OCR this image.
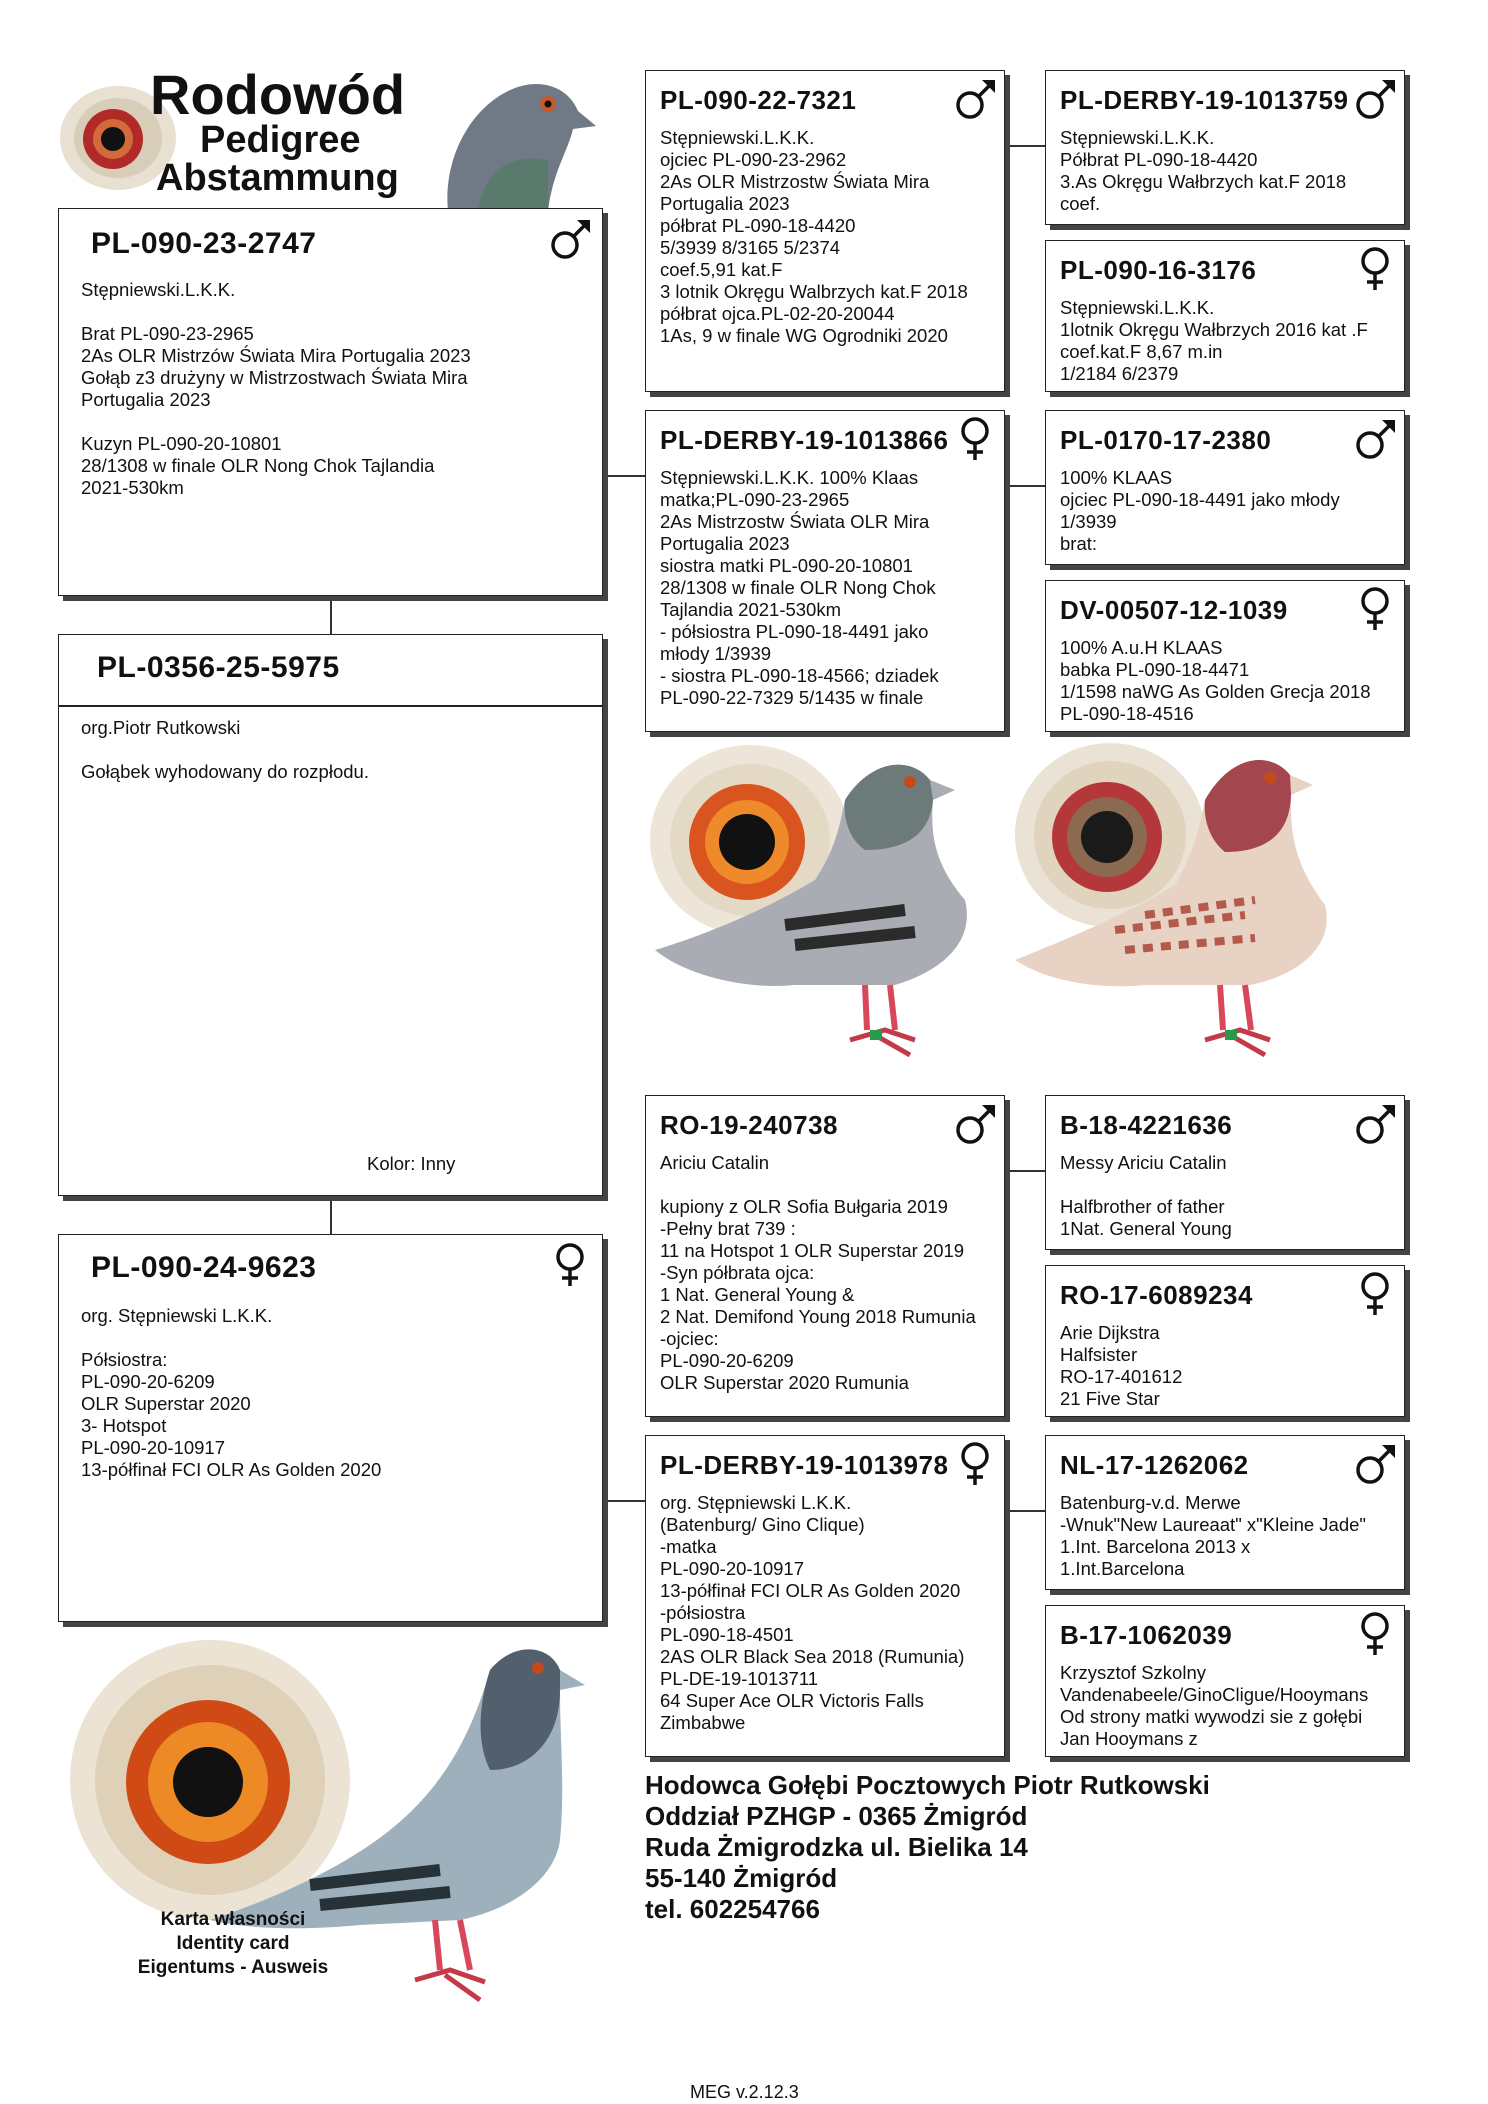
Rodowód
Pedigree
Abstammung
PL-090-23-2747
Stępniewski.L.K.K.

Brat PL-090-23-2965
2As OLR Mistrzów Świata Mira Portugalia 2023
Gołąb z3 drużyny w Mistrzostwach Świata Mira
Portugalia 2023

Kuzyn PL-090-20-10801
28/1308 w finale OLR Nong Chok Tajlandia
2021-530km
PL-0356-25-5975
org.Piotr Rutkowski

Gołąbek wyhodowany do rozpłodu.
Kolor: Inny
PL-090-24-9623
org. Stępniewski L.K.K.

Półsiostra:
PL-090-20-6209
OLR Superstar 2020
3- Hotspot
PL-090-20-10917
13-półfinał FCI OLR As Golden 2020
PL-090-22-7321
Stępniewski.L.K.K.
ojciec PL-090-23-2962
2As OLR Mistrzostw Świata Mira
Portugalia 2023
półbrat PL-090-18-4420
5/3939 8/3165 5/2374
coef.5,91 kat.F
3 lotnik Okręgu Walbrzych kat.F 2018
półbrat ojca.PL-02-20-20044
1As, 9 w finale WG Ogrodniki 2020
PL-DERBY-19-1013866
Stępniewski.L.K.K. 100% Klaas
matka;PL-090-23-2965
2As Mistrzostw Świata OLR Mira
Portugalia 2023
siostra matki PL-090-20-10801
28/1308 w finale OLR Nong Chok
Tajlandia 2021-530km
- półsiostra PL-090-18-4491 jako
młody 1/3939
- siostra PL-090-18-4566; dziadek
PL-090-22-7329 5/1435 w finale
RO-19-240738
Ariciu Catalin

kupiony z OLR Sofia Bułgaria 2019
-Pełny brat 739 :
11 na Hotspot 1 OLR Superstar 2019
-Syn półbrata ojca:
1 Nat. General Young &
2 Nat. Demifond Young 2018 Rumunia
-ojciec:
PL-090-20-6209
OLR Superstar 2020 Rumunia
PL-DERBY-19-1013978
org. Stępniewski L.K.K.
(Batenburg/ Gino Clique)
-matka
PL-090-20-10917
13-półfinał FCI OLR As Golden 2020
-półsiostra
PL-090-18-4501
2AS OLR Black Sea 2018 (Rumunia)
PL-DE-19-1013711
64 Super Ace OLR Victoris Falls
Zimbabwe
PL-DERBY-19-1013759
Stępniewski.L.K.K.
Półbrat PL-090-18-4420
3.As Okręgu Wałbrzych kat.F 2018
coef.
PL-090-16-3176
Stępniewski.L.K.K.
1lotnik Okręgu Wałbrzych 2016 kat .F
coef.kat.F 8,67 m.in
1/2184 6/2379
PL-0170-17-2380
100% KLAAS
ojciec PL-090-18-4491 jako młody
1/3939
brat:
DV-00507-12-1039
100% A.u.H KLAAS
babka PL-090-18-4471
1/1598 naWG As Golden Grecja 2018
PL-090-18-4516
B-18-4221636
Messy Ariciu Catalin

Halfbrother of father
1Nat. General Young
RO-17-6089234
Arie Dijkstra
Halfsister
RO-17-401612
21 Five Star
NL-17-1262062
Batenburg-v.d. Merwe
-Wnuk"New Laureaat" x"Kleine Jade"
1.Int. Barcelona 2013 x
1.Int.Barcelona
B-17-1062039
Krzysztof Szkolny
Vandenabeele/GinoCligue/Hooymans
Od strony matki wywodzi sie z gołębi
Jan Hooymans z
Karta własności
Identity card
Eigentums - Ausweis
Hodowca Gołębi Pocztowych Piotr Rutkowski
Oddział PZHGP - 0365 Żmigród
Ruda Żmigrodzka ul. Bielika 14
55-140 Żmigród
tel. 602254766
MEG v.2.12.3
